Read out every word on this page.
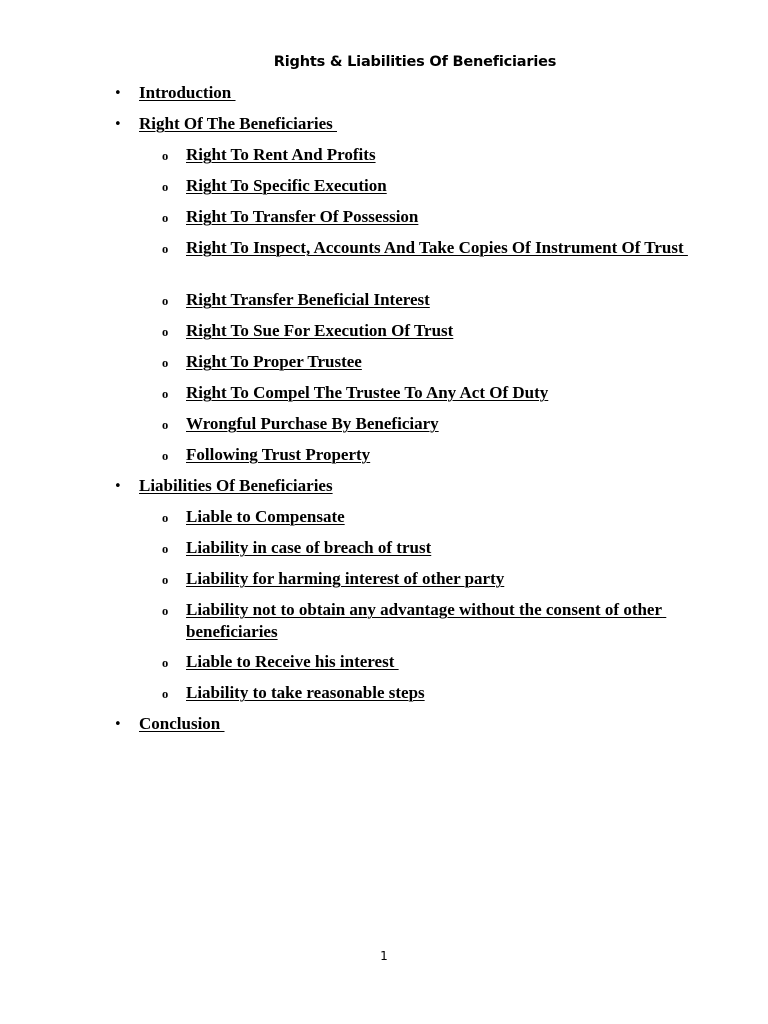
Rights & Liabilities Of Beneficiaries
• Introduction
• Right Of The Beneficiaries
o Right To Rent And Profits
o Right To Specific Execution
o Right To Transfer Of Possession
o Right To Inspect, Accounts And Take Copies Of Instrument Of Trust
o Right Transfer Beneficial Interest
o Right To Sue For Execution Of Trust
o Right To Proper Trustee
o Right To Compel The Trustee To Any Act Of Duty
o Wrongful Purchase By Beneficiary
o Following Trust Property
• Liabilities Of Beneficiaries
o Liable to Compensate
o Liability in case of breach of trust
o Liability for harming interest of other party
o Liability not to obtain any advantage without the consent of other beneficiaries
o Liable to Receive his interest
o Liability to take reasonable steps
• Conclusion
1
